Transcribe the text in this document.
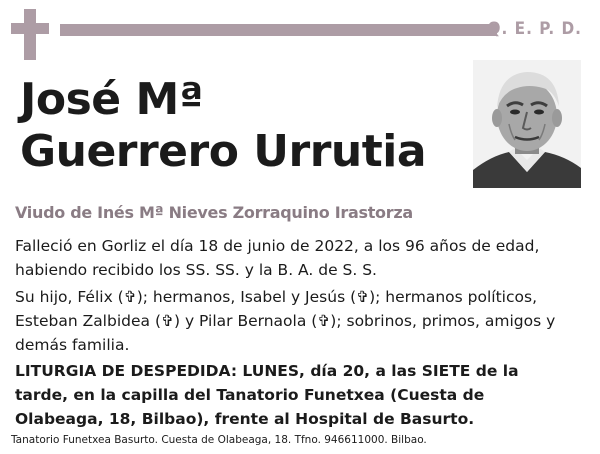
Q. E. P. D.
José Mª
Guerrero Urrutia
Viudo de Inés Mª Nieves Zorraquino Irastorza
Falleció en Gorliz el día 18 de junio de 2022, a los 96 años de edad, habiendo recibido los SS. SS. y la B. A. de S. S.
Su hijo, Félix (✞); hermanos, Isabel y Jesús (✞); hermanos políticos, Esteban Zalbidea (✞) y Pilar Bernaola (✞); sobrinos, primos, amigos y demás familia.
LITURGIA DE DESPEDIDA: LUNES, día 20, a las SIETE de la tarde, en la capilla del Tanatorio Funetxea (Cuesta de Olabeaga, 18, Bilbao), frente al Hospital de Basurto.
Tanatorio Funetxea Basurto. Cuesta de Olabeaga, 18. Tfno. 946611000. Bilbao.
